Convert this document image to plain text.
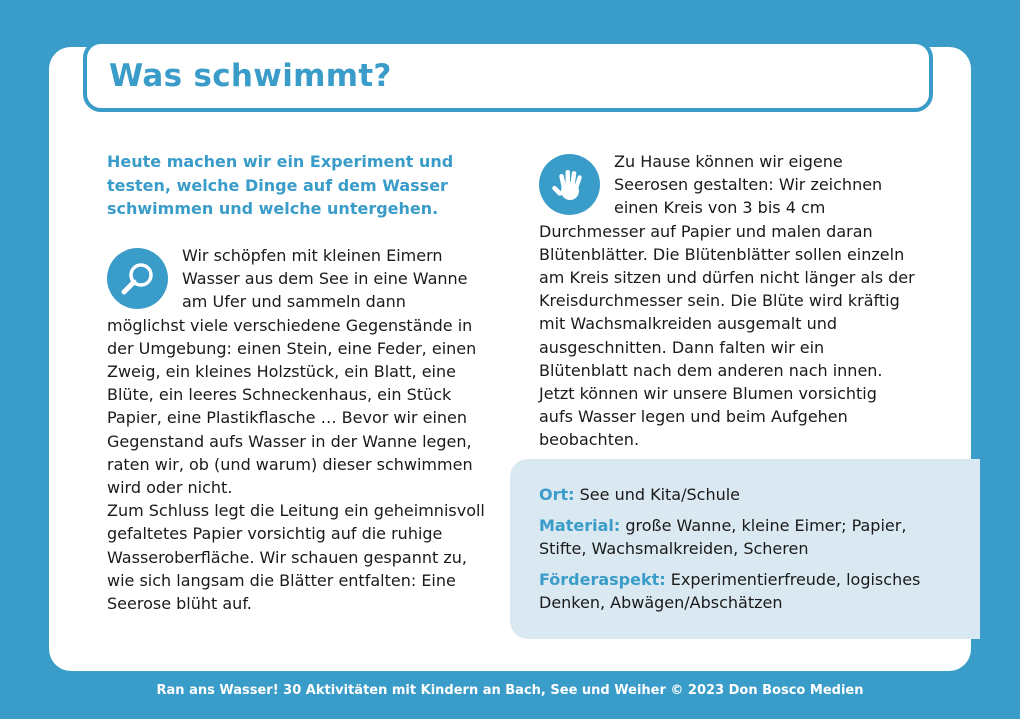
Was schwimmt?
Heute machen wir ein Experiment und testen, welche Dinge auf dem Wasser schwimmen und welche untergehen.
Wir schöpfen mit kleinen Eimern Wasser aus dem See in eine Wanne am Ufer und sammeln dann möglichst viele verschiedene Gegenstände in der Umgebung: einen Stein, eine Feder, einen Zweig, ein kleines Holzstück, ein Blatt, eine Blüte, ein leeres Schneckenhaus, ein Stück Papier, eine Plastikflasche … Bevor wir einen Gegenstand aufs Wasser in der Wanne legen, raten wir, ob (und warum) dieser schwimmen wird oder nicht.
Zum Schluss legt die Leitung ein geheimnisvoll gefaltetes Papier vorsichtig auf die ruhige Wasseroberfläche. Wir schauen gespannt zu, wie sich langsam die Blätter entfalten: Eine Seerose blüht auf.
Zu Hause können wir eigene Seerosen gestalten: Wir zeichnen einen Kreis von 3 bis 4 cm Durchmesser auf Papier und malen daran Blütenblätter. Die Blütenblätter sollen einzeln am Kreis sitzen und dürfen nicht länger als der Kreisdurchmesser sein. Die Blüte wird kräftig mit Wachsmalkreiden ausgemalt und ausgeschnitten. Dann falten wir ein Blütenblatt nach dem anderen nach innen. Jetzt können wir unsere Blumen vorsichtig aufs Wasser legen und beim Aufgehen beobachten.
Ort: See und Kita/Schule
Material: große Wanne, kleine Eimer; Papier, Stifte, Wachsmalkreiden, Scheren
Förderaspekt: Experimentierfreude, logisches Denken, Abwägen/Abschätzen
Ran ans Wasser! 30 Aktivitäten mit Kindern an Bach, See und Weiher © 2023 Don Bosco Medien
